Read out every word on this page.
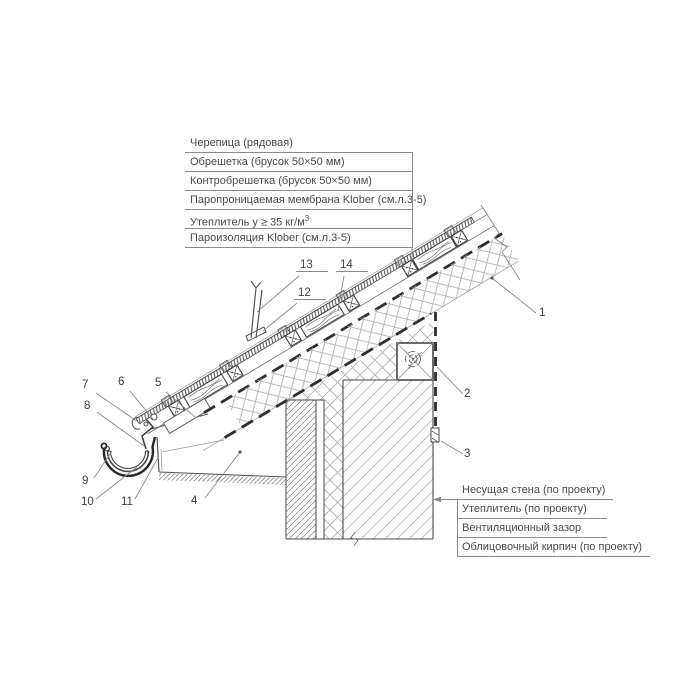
Черепица (рядовая)
Обрешетка (брусок 50×50 мм)
Контробрешетка (брусок 50×50 мм)
Паропроницаемая мембрана Klober (см.л.3-5)
Утеплитель у ≥ 35 $кг/м^3$
Пароизоляция Klober (см.л.3-5)
Несущая стена (по проекту)
Утеплитель (по проекту)
Вентиляционный зазор
Облицовочный кирпич (по проекту)
1
2
3
4
5
6
7
8
9
10 11
12
13	14
